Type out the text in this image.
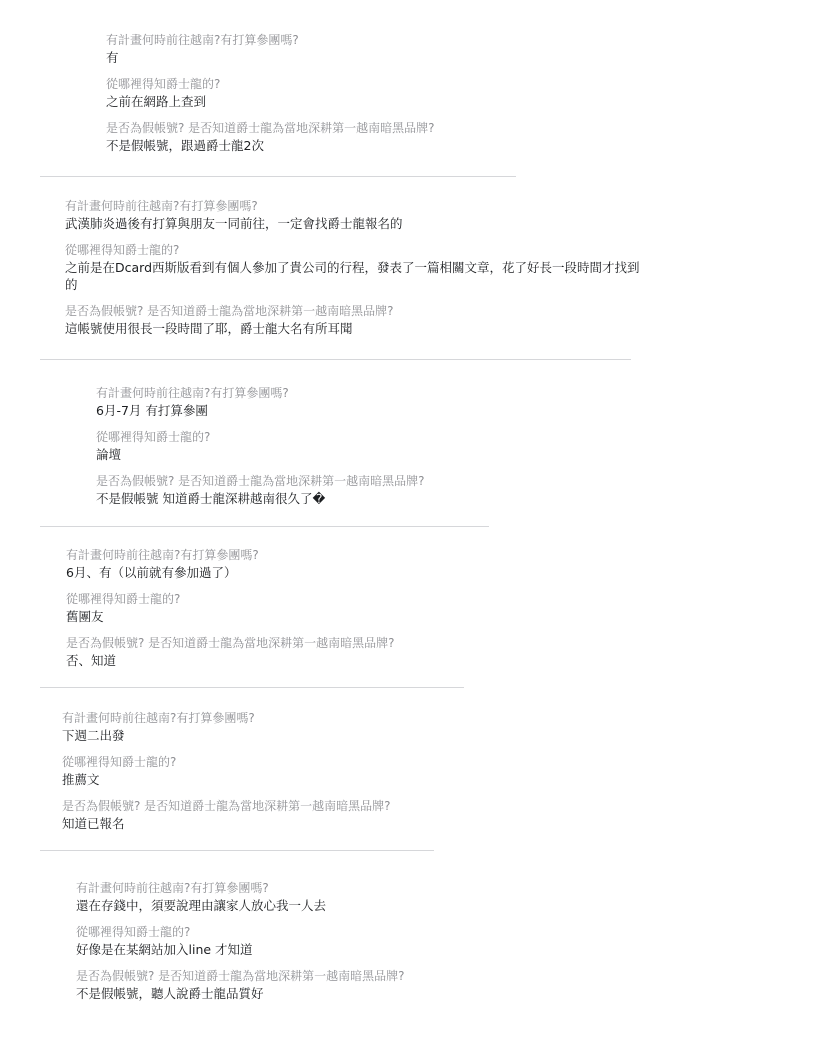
有計畫何時前往越南?有打算參團嗎?
有
從哪裡得知爵士龍的?
之前在網路上查到
是否為假帳號? 是否知道爵士龍為當地深耕第一越南暗黑品牌?
不是假帳號，跟過爵士龍2次
有計畫何時前往越南?有打算參團嗎?
武漢肺炎過後有打算與朋友一同前往，一定會找爵士龍報名的
從哪裡得知爵士龍的?
之前是在Dcard西斯版看到有個人參加了貴公司的行程，發表了一篇相關文章，花了好長一段時間才找到的
是否為假帳號? 是否知道爵士龍為當地深耕第一越南暗黑品牌?
這帳號使用很長一段時間了耶，爵士龍大名有所耳聞
有計畫何時前往越南?有打算參團嗎?
6月-7月 有打算參團
從哪裡得知爵士龍的?
論壇
是否為假帳號? 是否知道爵士龍為當地深耕第一越南暗黑品牌?
不是假帳號 知道爵士龍深耕越南很久了�
有計畫何時前往越南?有打算參團嗎?
6月、有（以前就有參加過了）
從哪裡得知爵士龍的?
舊團友
是否為假帳號? 是否知道爵士龍為當地深耕第一越南暗黑品牌?
否、知道
有計畫何時前往越南?有打算參團嗎?
下週二出發
從哪裡得知爵士龍的?
推薦文
是否為假帳號? 是否知道爵士龍為當地深耕第一越南暗黑品牌?
知道已報名
有計畫何時前往越南?有打算參團嗎?
還在存錢中，須要說理由讓家人放心我一人去
從哪裡得知爵士龍的?
好像是在某網站加入line 才知道
是否為假帳號? 是否知道爵士龍為當地深耕第一越南暗黑品牌?
不是假帳號，聽人說爵士龍品質好
